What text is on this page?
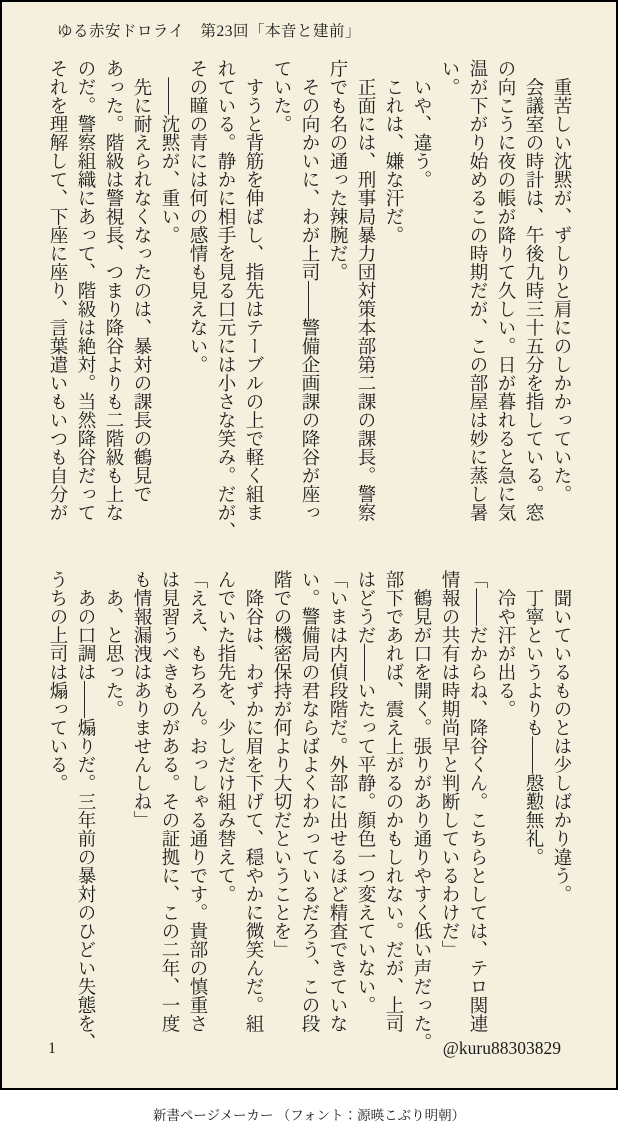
ゆる赤安ドロライ　第23回「本音と建前」
　重苦しい沈黙が、ずしりと肩にのしかかっていた。
　会議室の時計は、午後九時三十五分を指している。窓
の向こうに夜の帳が降りて久しい。日が暮れると急に気
温が下がり始めるこの時期だが、この部屋は妙に蒸し暑
い。
　いや、違う。
　これは、嫌な汗だ。
　正面には、刑事局暴力団対策本部第二課の課長。警察
庁でも名の通った辣腕だ。
　その向かいに、わが上司――警備企画課の降谷が座っ
ていた。
　すうと背筋を伸ばし、指先はテーブルの上で軽く組ま
れている。静かに相手を見る口元には小さな笑み。だが、
その瞳の青には何の感情も見えない。
　――沈黙が、重い。
　先に耐えられなくなったのは、暴対の課長の鶴見で
あった。階級は警視長、つまり降谷よりも二階級も上な
のだ。警察組織にあって、階級は絶対。当然降谷だって
それを理解して、下座に座り、言葉遣いもいつも自分が
　聞いているものとは少しばかり違う。
　丁寧というよりも――慇懃無礼。
　冷や汗が出る。
「――だからね、降谷くん。こちらとしては、テロ関連
情報の共有は時期尚早と判断しているわけだ」
　鶴見が口を開く。張りがあり通りやすく低い声だった。
部下であれば、震え上がるのかもしれない。だが、上司
はどうだ――いたって平静。顔色一つ変えていない。
「いまは内偵段階だ。外部に出せるほど精査できていな
い。警備局の君ならばよくわかっているだろう、この段
階での機密保持が何より大切だということを」
　降谷は、わずかに眉を下げて、穏やかに微笑んだ。組
んでいた指先を、少しだけ組み替えて。
「ええ、もちろん。おっしゃる通りです。貴部の慎重さ
は見習うべきものがある。その証拠に、この二年、一度
も情報漏洩はありませんしね」
　あ、と思った。
　あの口調は――煽りだ。三年前の暴対のひどい失態を、
うちの上司は煽っている。
1	@kuru88303829
新書ページメーカー （フォント：源暎こぶり明朝）
